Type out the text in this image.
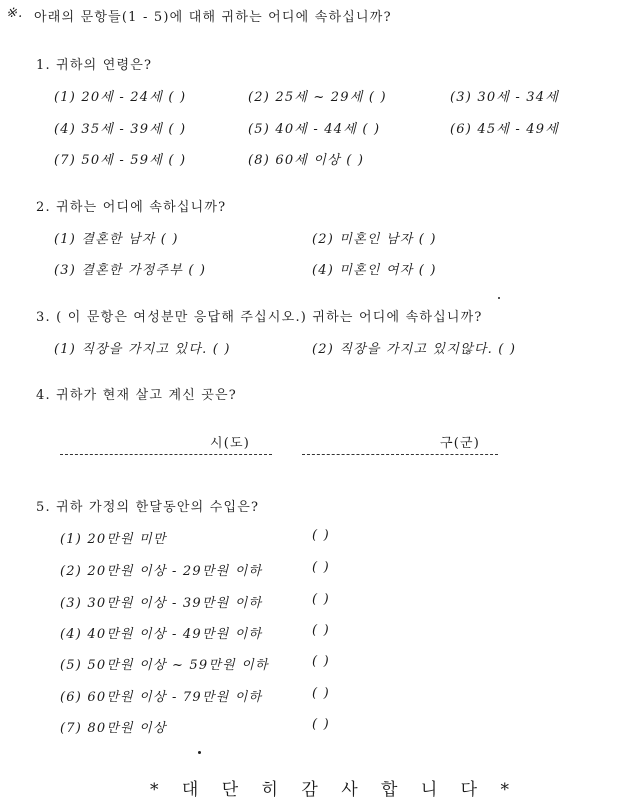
※. 아래의 문항들(1 - 5)에 대해 귀하는 어디에 속하십니까?
1. 귀하의 연령은?
(1) 20세 - 24세 ( )	(2) 25세 ~ 29세 ( )	(3) 30세 - 34세
(4) 35세 - 39세 ( )	(5) 40세 - 44세 ( )	(6) 45세 - 49세
(7) 50세 - 59세 ( )	(8) 60세 이상 ( )
2. 귀하는 어디에 속하십니까?
(1) 결혼한 남자 ( )	(2) 미혼인 남자 ( )
(3) 결혼한 가정주부 ( )	(4) 미혼인 여자 ( )
3. ( 이 문항은 여성분만 응답해 주십시오.) 귀하는 어디에 속하십니까?
(1) 직장을 가지고 있다. ( )	(2) 직장을 가지고 있지않다. ( )
4. 귀하가 현재 살고 계신 곳은?
시(도)	구(군)
5. 귀하 가정의 한달동안의 수입은?
(1) 20만원 미만	( )
(2) 20만원 이상 - 29만원 이하	( )
(3) 30만원 이상 - 39만원 이하	( )
(4) 40만원 이상 - 49만원 이하	( )
(5) 50만원 이상 ~ 59만원 이하	( )
(6) 60만원 이상 - 79만원 이하	( )
(7) 80만원 이상	( )
* 대 단 히 감 사 합 니 다 *
